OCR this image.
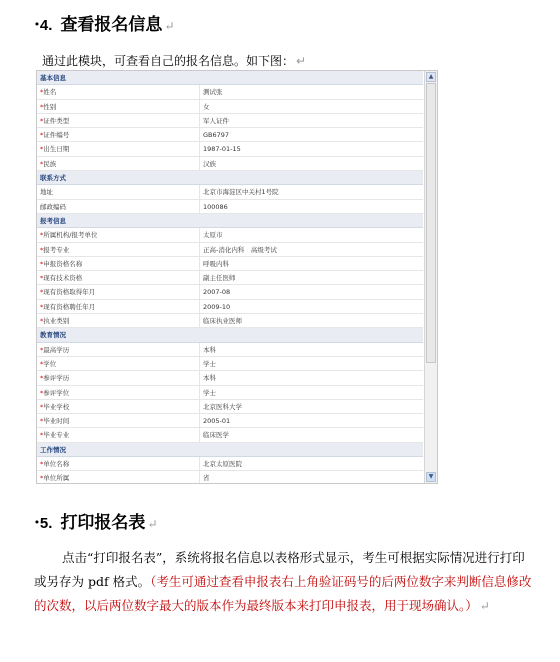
·4. 查看报名信息 ↵
通过此模块，可查看自己的报名信息。如下图： ↵
基本信息
*姓名	测试张
*性别	女
*证件类型	军人证件
*证件编号	GB6797
*出生日期	1987-01-15
*民族	汉族
联系方式
地址	北京市海淀区中关村1号院
邮政编码	100086
报考信息
*所属机构/报考单位	太原市
*报考专业	正高-消化内科　高级考试
*申报资格名称	呼吸内科
*现有技术资格	副主任医师
*现有资格取得年月	2007-08
*现有资格聘任年月	2009-10
*执业类别	临床执业医师
教育情况
*最高学历	本科
*学位	学士
*参评学历	本科
*参评学位	学士
*毕业学校	北京医科大学
*毕业时间	2005-01
*毕业专业	临床医学
工作情况
*单位名称	北京太原医院
*单位所属	省
▲
▼
·5. 打印报名表 ↵
点击“打印报名表”，系统将报名信息以表格形式显示，考生可根据实际情况进行打印或另存为 pdf 格式。（考生可通过查看申报表右上角验证码号的后两位数字来判断信息修改的次数，以后两位数字最大的版本作为最终版本来打印申报表，用于现场确认。） ↵
